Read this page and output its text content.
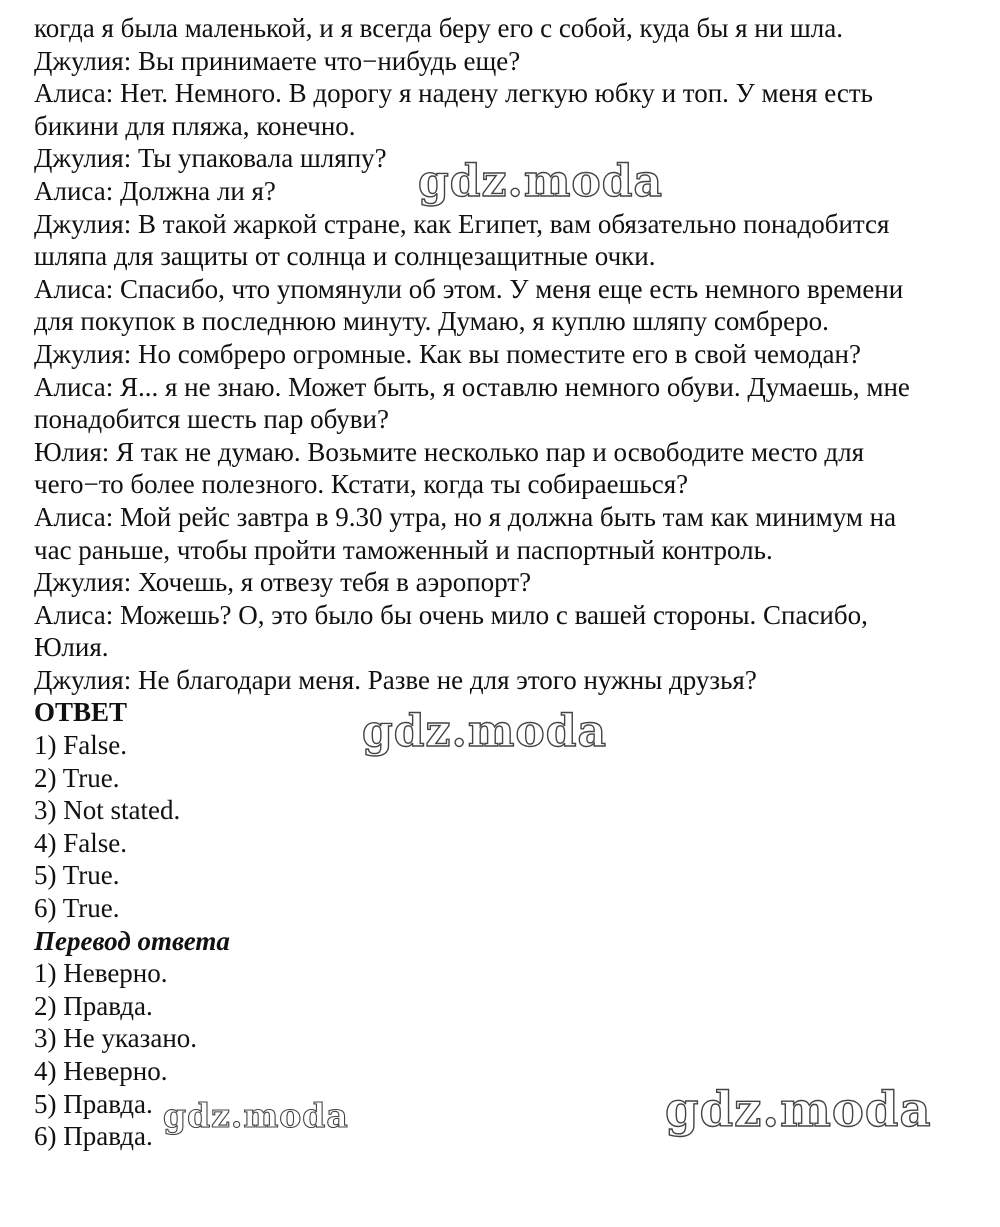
когда я была маленькой, и я всегда беру его с собой, куда бы я ни шла.
Джулия: Вы принимаете что−нибудь еще?
Алиса: Нет. Немного. В дорогу я надену легкую юбку и топ. У меня есть
бикини для пляжа, конечно.
Джулия: Ты упаковала шляпу?
Алиса: Должна ли я?
Джулия: В такой жаркой стране, как Египет, вам обязательно понадобится
шляпа для защиты от солнца и солнцезащитные очки.
Алиса: Спасибо, что упомянули об этом. У меня еще есть немного времени
для покупок в последнюю минуту. Думаю, я куплю шляпу сомбреро.
Джулия: Но сомбреро огромные. Как вы поместите его в свой чемодан?
Алиса: Я... я не знаю. Может быть, я оставлю немного обуви. Думаешь, мне
понадобится шесть пар обуви?
Юлия: Я так не думаю. Возьмите несколько пар и освободите место для
чего−то более полезного. Кстати, когда ты собираешься?
Алиса: Мой рейс завтра в 9.30 утра, но я должна быть там как минимум на
час раньше, чтобы пройти таможенный и паспортный контроль.
Джулия: Хочешь, я отвезу тебя в аэропорт?
Алиса: Можешь? О, это было бы очень мило с вашей стороны. Спасибо,
Юлия.
Джулия: Не благодари меня. Разве не для этого нужны друзья?
ОТВЕТ
1) False.
2) True.
3) Not stated.
4) False.
5) True.
6) True.
Перевод ответа
1) Неверно.
2) Правда.
3) Не указано.
4) Неверно.
5) Правда.
6) Правда.
gdz.moda
gdz.moda
gdz.moda	gdz.moda
